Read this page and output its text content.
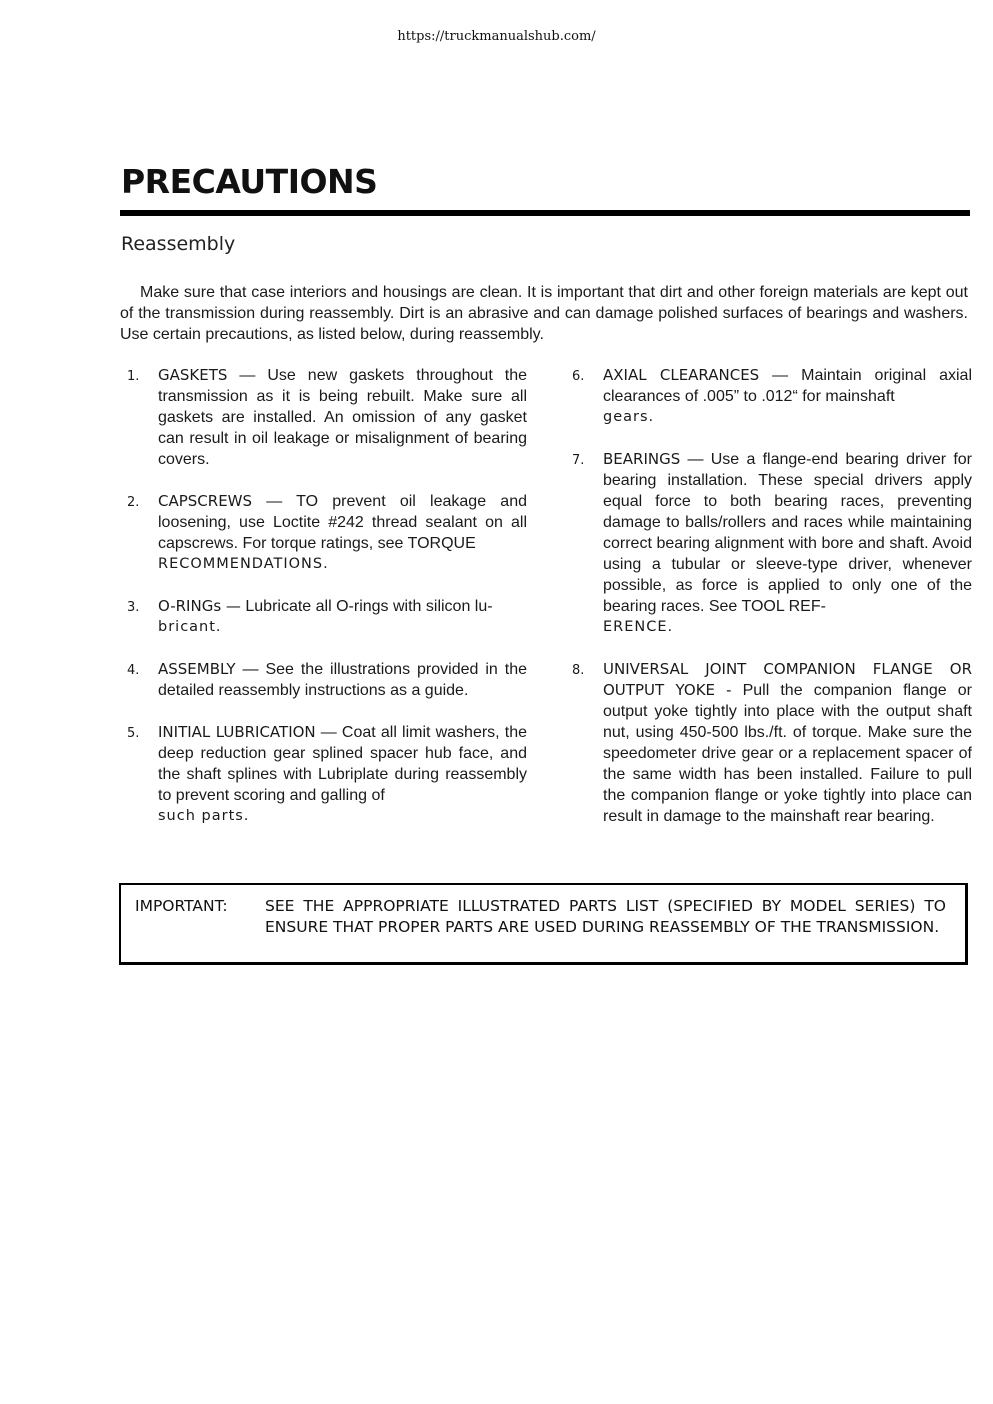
https://truckmanualshub.com/
PRECAUTIONS
Reassembly

Make sure that case interiors and housings are clean. It is important that dirt and other foreign materials are kept out of the transmission during reassembly. Dirt is an abrasive and can damage polished surfaces of bearings and washers. Use certain precautions, as listed below, during reassembly.

1. GASKETS — Use new gaskets throughout the transmission as it is being rebuilt. Make sure all gaskets are installed. An omission of any gasket can result in oil leakage or misalignment of bearing covers.
2. CAPSCREWS — TO prevent oil leakage and loosening, use Loctite #242 thread sealant on all capscrews. For torque ratings, see TORQUE
RECOMMENDATIONS.
3. O-RINGs — Lubricate all O-rings with silicon lu-
bricant.
4. ASSEMBLY — See the illustrations provided in the detailed reassembly instructions as a guide.
5. INITIAL LUBRICATION — Coat all limit washers, the deep reduction gear splined spacer hub face, and the shaft splines with Lubriplate during reassembly to prevent scoring and galling of
such parts.
6. AXIAL CLEARANCES — Maintain original axial clearances of .005” to .012“ for mainshaft
gears.
7. BEARINGS — Use a flange-end bearing driver for bearing installation. These special drivers apply equal force to both bearing races, preventing damage to balls/rollers and races while maintaining correct bearing alignment with bore and shaft. Avoid using a tubular or sleeve-type driver, whenever possible, as force is applied to only one of the bearing races. See TOOL REF-
ERENCE.
8. UNIVERSAL JOINT COMPANION FLANGE OR OUTPUT YOKE - Pull the companion flange or output yoke tightly into place with the output shaft nut, using 450-500 lbs./ft. of torque. Make sure the speedometer drive gear or a replacement spacer of the same width has been installed. Failure to pull the companion flange or yoke tightly into place can result in damage to the mainshaft rear bearing.
IMPORTANT: SEE THE APPROPRIATE ILLUSTRATED PARTS LIST (SPECIFIED BY MODEL SERIES) TO ENSURE THAT PROPER PARTS ARE USED DURING REASSEMBLY OF THE TRANSMISSION.
